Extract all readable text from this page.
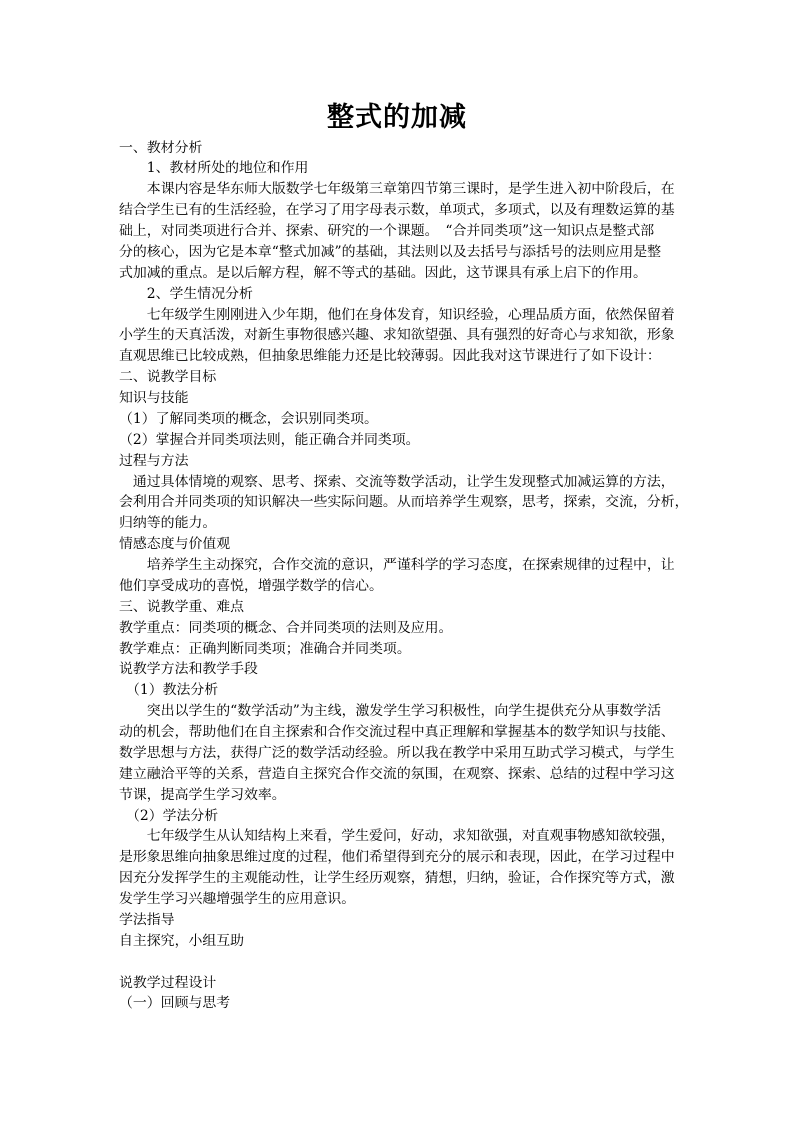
整式的加减
一、教材分析
1、教材所处的地位和作用
本课内容是华东师大版数学七年级第三章第四节第三课时，是学生进入初中阶段后，在
结合学生已有的生活经验，在学习了用字母表示数，单项式，多项式，以及有理数运算的基
础上，对同类项进行合并、探索、研究的一个课题。　“合并同类项”这一知识点是整式部
分的核心，因为它是本章“整式加减”的基础，其法则以及去括号与添括号的法则应用是整
式加减的重点。是以后解方程，解不等式的基础。因此，这节课具有承上启下的作用。
2、学生情况分析
七年级学生刚刚进入少年期，他们在身体发育，知识经验，心理品质方面，依然保留着
小学生的天真活泼，对新生事物很感兴趣、求知欲望强、具有强烈的好奇心与求知欲，形象
直观思维已比较成熟，但抽象思维能力还是比较薄弱。因此我对这节课进行了如下设计：
二、说教学目标
知识与技能
（1）了解同类项的概念，会识别同类项。
（2）掌握合并同类项法则，能正确合并同类项。
过程与方法
通过具体情境的观察、思考、探索、交流等数学活动，让学生发现整式加减运算的方法，
会利用合并同类项的知识解决一些实际问题。从而培养学生观察，思考，探索，交流，分析，
归纳等的能力。
情感态度与价值观
培养学生主动探究，合作交流的意识，严谨科学的学习态度，在探索规律的过程中，让
他们享受成功的喜悦，增强学数学的信心。
三、说教学重、难点
教学重点：同类项的概念、合并同类项的法则及应用。
教学难点：正确判断同类项；准确合并同类项。
说教学方法和教学手段
（1）教法分析
突出以学生的“数学活动”为主线，激发学生学习积极性，向学生提供充分从事数学活
动的机会，帮助他们在自主探索和合作交流过程中真正理解和掌握基本的数学知识与技能、
数学思想与方法，获得广泛的数学活动经验。所以我在教学中采用互助式学习模式，与学生
建立融洽平等的关系，营造自主探究合作交流的氛围，在观察、探索、总结的过程中学习这
节课，提高学生学习效率。
（2）学法分析
七年级学生从认知结构上来看，学生爱问，好动，求知欲强，对直观事物感知欲较强，
是形象思维向抽象思维过度的过程，他们希望得到充分的展示和表现，因此，在学习过程中
因充分发挥学生的主观能动性，让学生经历观察，猜想，归纳，验证，合作探究等方式，激
发学生学习兴趣增强学生的应用意识。
学法指导
自主探究，小组互助
说教学过程设计
（一）回顾与思考
